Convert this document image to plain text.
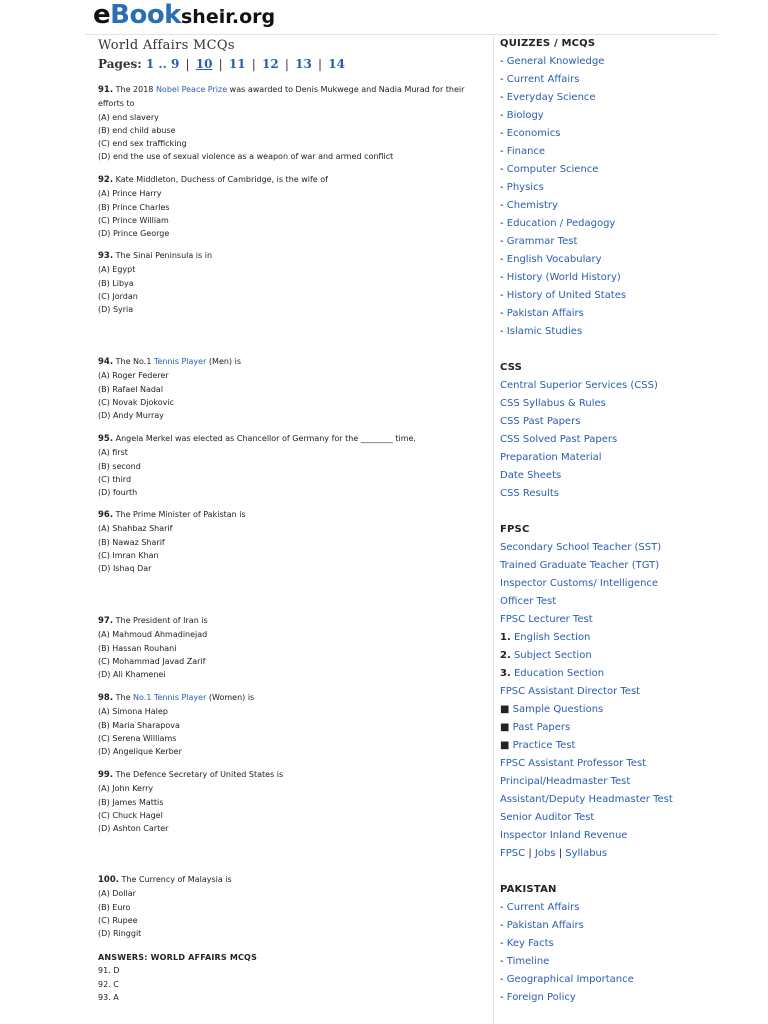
eBooksheir.org
World Affairs MCQs
Pages: 1 .. 9 | 10 | 11 | 12 | 13 | 14
91. The 2018 Nobel Peace Prize was awarded to Denis Mukwege and Nadia Murad for their efforts to
(A) end slavery
(B) end child abuse
(C) end sex trafficking
(D) end the use of sexual violence as a weapon of war and armed conflict
92. Kate Middleton, Duchess of Cambridge, is the wife of
(A) Prince Harry
(B) Prince Charles
(C) Prince William
(D) Prince George
93. The Sinai Peninsula is in
(A) Egypt
(B) Libya
(C) Jordan
(D) Syria
94. The No.1 Tennis Player (Men) is
(A) Roger Federer
(B) Rafael Nadal
(C) Novak Djokovic
(D) Andy Murray
95. Angela Merkel was elected as Chancellor of Germany for the ________ time.
(A) first
(B) second
(C) third
(D) fourth
96. The Prime Minister of Pakistan is
(A) Shahbaz Sharif
(B) Nawaz Sharif
(C) Imran Khan
(D) Ishaq Dar
97. The President of Iran is
(A) Mahmoud Ahmadinejad
(B) Hassan Rouhani
(C) Mohammad Javad Zarif
(D) Ali Khamenei
98. The No.1 Tennis Player (Women) is
(A) Simona Halep
(B) Maria Sharapova
(C) Serena Williams
(D) Angelique Kerber
99. The Defence Secretary of United States is
(A) John Kerry
(B) James Mattis
(C) Chuck Hagel
(D) Ashton Carter
100. The Currency of Malaysia is
(A) Dollar
(B) Euro
(C) Rupee
(D) Ringgit
ANSWERS: WORLD AFFAIRS MCQS
91. D
92. C
93. A
QUIZZES / MCQS
- General Knowledge
- Current Affairs
- Everyday Science
- Biology
- Economics
- Finance
- Computer Science
- Physics
- Chemistry
- Education / Pedagogy
- Grammar Test
- English Vocabulary
- History (World History)
- History of United States
- Pakistan Affairs
- Islamic Studies
CSS
Central Superior Services (CSS)
CSS Syllabus & Rules
CSS Past Papers
CSS Solved Past Papers
Preparation Material
Date Sheets
CSS Results
FPSC
Secondary School Teacher (SST)
Trained Graduate Teacher (TGT)
Inspector Customs/ Intelligence
Officer Test
FPSC Lecturer Test
1. English Section
2. Subject Section
3. Education Section
FPSC Assistant Director Test
■ Sample Questions
■ Past Papers
■ Practice Test
FPSC Assistant Professor Test
Principal/Headmaster Test
Assistant/Deputy Headmaster Test
Senior Auditor Test
Inspector Inland Revenue
FPSC | Jobs | Syllabus
PAKISTAN
- Current Affairs
- Pakistan Affairs
- Key Facts
- Timeline
- Geographical Importance
- Foreign Policy
